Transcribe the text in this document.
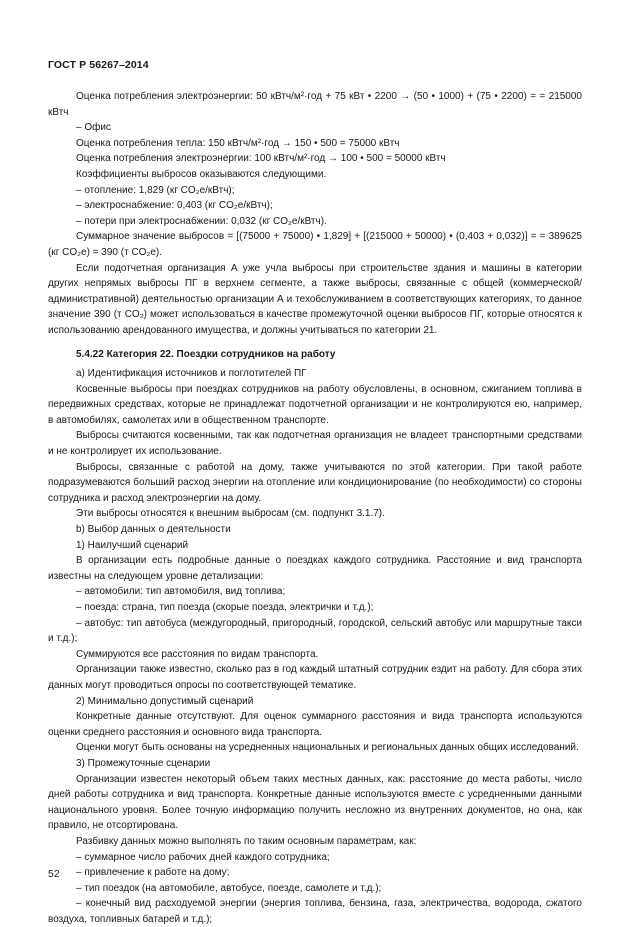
ГОСТ Р 56267–2014

Оценка потребления электроэнергии: 50 кВтч/м²·год + 75 кВт • 2200 → (50 • 1000) + (75 • 2200) = = 215000 кВтч

– Офис

Оценка потребления тепла: 150 кВтч/м²·год → 150 • 500 = 75000 кВтч

Оценка потребления электроэнергии: 100 кВтч/м²·год → 100 • 500 = 50000 кВтч

Коэффициенты выбросов оказываются следующими.

– отопление: 1,829 (кг CO₂е/кВтч);

– электроснабжение: 0,403 (кг CO₂е/кВтч);

– потери при электроснабжении: 0,032 (кг CO₂е/кВтч).

Суммарное значение выбросов = [(75000 + 75000) • 1,829] + [(215000 + 50000) • (0,403 + 0,032)] = = 389625 (кг CO₂е) = 390 (т CO₂е).

Если подотчетная организация А уже учла выбросы при строительстве здания и машины в категории других непрямых выбросы ПГ в верхнем сегменте, а также выбросы, связанные с общей (коммерческой/административной) деятельностью организации А и техобслуживанием в соответствующих категориях, то данное значение 390 (т CO₂) может использоваться в качестве промежуточной оценки выбросов ПГ, которые относятся к использованию арендованного имущества, и должны учитываться по категории 21.

5.4.22 Категория 22. Поездки сотрудников на работу

а) Идентификация источников и поглотителей ПГ

Косвенные выбросы при поездках сотрудников на работу обусловлены, в основном, сжиганием топлива в передвижных средствах, которые не принадлежат подотчетной организации и не контролируются ею, например, в автомобилях, самолетах или в общественном транспорте.

Выбросы считаются косвенными, так как подотчетная организация не владеет транспортными средствами и не контролирует их использование.

Выбросы, связанные с работой на дому, также учитываются по этой категории. При такой работе подразумеваются больший расход энергии на отопление или кондиционирование (по необходимости) со стороны сотрудника и расход электроэнергии на дому.

Эти выбросы относятся к внешним выбросам (см. подпункт 3.1.7).

b) Выбор данных о деятельности

1) Наилучший сценарий

В организации есть подробные данные о поездках каждого сотрудника. Расстояние и вид транспорта известны на следующем уровне детализации:

– автомобили: тип автомобиля, вид топлива;

– поезда: страна, тип поезда (скорые поезда, электрички и т.д.);

– автобус: тип автобуса (междугородный, пригородный, городской, сельский автобус или маршрутные такси и т.д.);

Суммируются все расстояния по видам транспорта.

Организации также известно, сколько раз в год каждый штатный сотрудник ездит на работу. Для сбора этих данных могут проводиться опросы по соответствующей тематике.

2) Минимально допустимый сценарий

Конкретные данные отсутствуют. Для оценок суммарного расстояния и вида транспорта используются оценки среднего расстояния и основного вида транспорта.

Оценки могут быть основаны на усредненных национальных и региональных данных общих исследований.

3) Промежуточные сценарии

Организации известен некоторый объем таких местных данных, как: расстояние до места работы, число дней работы сотрудника и вид транспорта. Конкретные данные используются вместе с усредненными данными национального уровня. Более точную информацию получить несложно из внутренних документов, но она, как правило, не отсортирована.

Разбивку данных можно выполнять по таким основным параметрам, как:

– суммарное число рабочих дней каждого сотрудника;

– привлечение к работе на дому;

– тип поездок (на автомобиле, автобусе, поезде, самолете и т.д.);

– конечный вид расходуемой энергии (энергия топлива, бензина, газа, электричества, водорода, сжатого воздуха, топливных батарей и т.д.);

52
